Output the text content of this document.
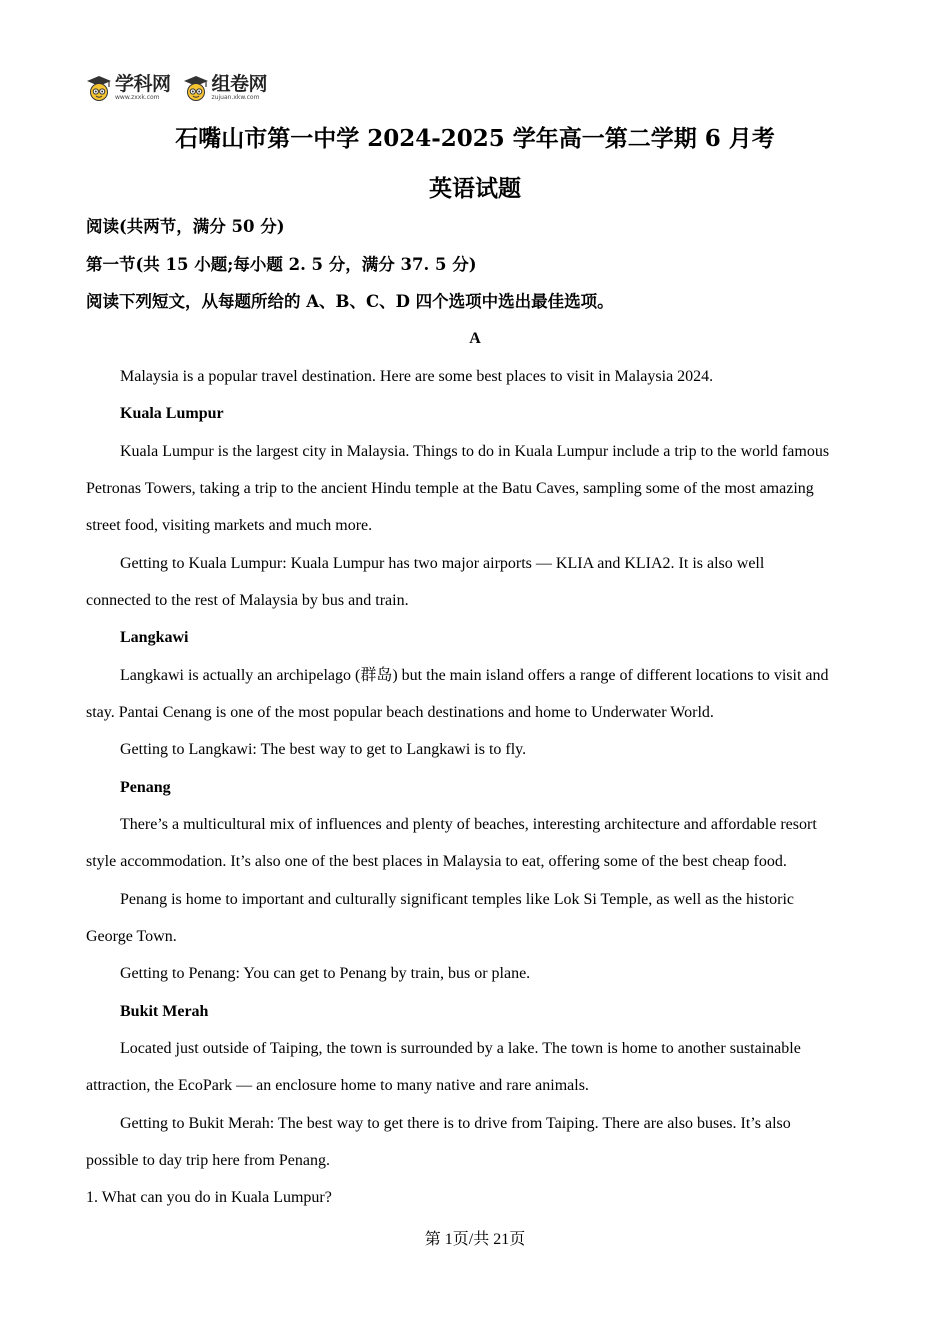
学科网
www.zxxk.com
组卷网
zujuan.xkw.com
石嘴山市第一中学 2024-2025 学年高一第二学期 6 月考
英语试题

阅读(共两节，满分 50 分)

第一节(共 15 小题;每小题 2. 5 分，满分 37. 5 分)

阅读下列短文，从每题所给的 A、B、C、D 四个选项中选出最佳选项。

A

Malaysia is a popular travel destination. Here are some best places to visit in Malaysia 2024.

Kuala Lumpur

Kuala Lumpur is the largest city in Malaysia. Things to do in Kuala Lumpur include a trip to the world famous

Petronas Towers, taking a trip to the ancient Hindu temple at the Batu Caves, sampling some of the most amazing

street food, visiting markets and much more.

Getting to Kuala Lumpur: Kuala Lumpur has two major airports — KLIA and KLIA2. It is also well

connected to the rest of Malaysia by bus and train.

Langkawi

Langkawi is actually an archipelago (群岛) but the main island offers a range of different locations to visit and

stay. Pantai Cenang is one of the most popular beach destinations and home to Underwater World.

Getting to Langkawi: The best way to get to Langkawi is to fly.

Penang

There’s a multicultural mix of influences and plenty of beaches, interesting architecture and affordable resort

style accommodation. It’s also one of the best places in Malaysia to eat, offering some of the best cheap food.

Penang is home to important and culturally significant temples like Lok Si Temple, as well as the historic

George Town.

Getting to Penang: You can get to Penang by train, bus or plane.

Bukit Merah

Located just outside of Taiping, the town is surrounded by a lake. The town is home to another sustainable

attraction, the EcoPark — an enclosure home to many native and rare animals.

Getting to Bukit Merah: The best way to get there is to drive from Taiping. There are also buses. It’s also

possible to day trip here from Penang.

1. What can you do in Kuala Lumpur?

第 1页/共 21页
